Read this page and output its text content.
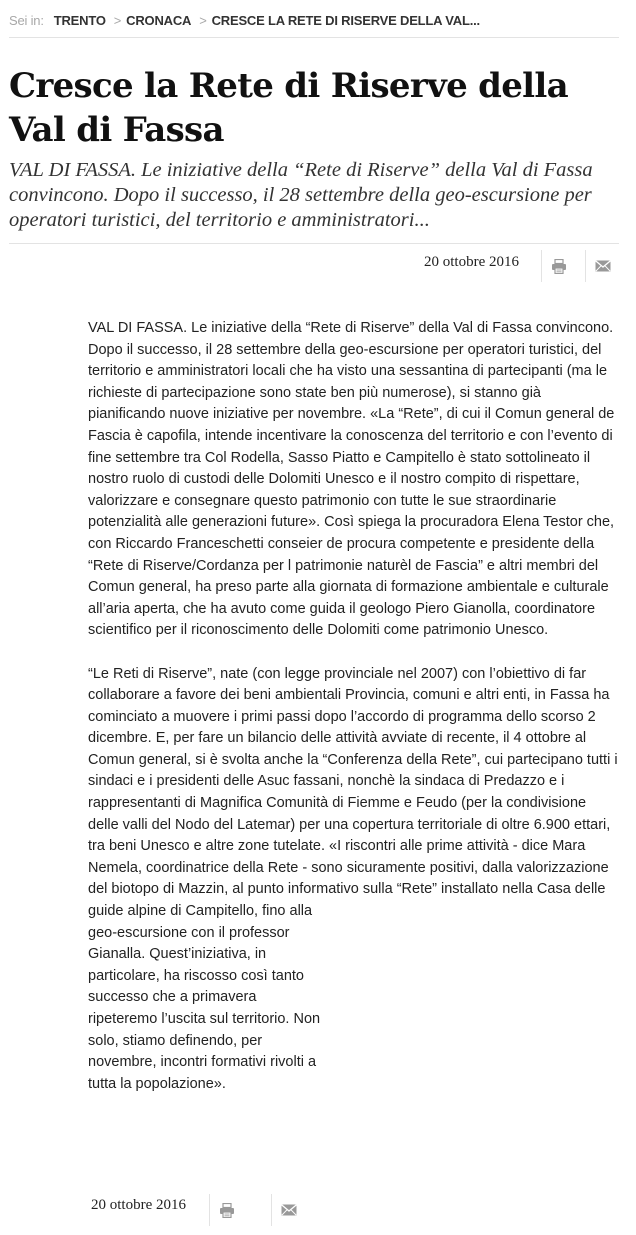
Sei in: TRENTO > CRONACA > CRESCE LA RETE DI RISERVE DELLA VAL...
Cresce la Rete di Riserve della Val di Fassa

VAL DI FASSA. Le iniziative della “Rete di Riserve” della Val di Fassa convincono. Dopo il successo, il 28 settembre della geo-escursione per operatori turistici, del territorio e amministratori...

20 ottobre 2016

VAL DI FASSA. Le iniziative della “Rete di Riserve” della Val di Fassa convincono. Dopo il successo, il 28 settembre della geo-escursione per operatori turistici, del territorio e amministratori locali che ha visto una sessantina di partecipanti (ma le richieste di partecipazione sono state ben più numerose), si stanno già pianificando nuove iniziative per novembre. «La “Rete”, di cui il Comun general de Fascia è capofila, intende incentivare la conoscenza del territorio e con l’evento di fine settembre tra Col Rodella, Sasso Piatto e Campitello è stato sottolineato il nostro ruolo di custodi delle Dolomiti Unesco e il nostro compito di rispettare, valorizzare e consegnare questo patrimonio con tutte le sue straordinarie potenzialità alle generazioni future». Così spiega la procuradora Elena Testor che, con Riccardo Franceschetti conseier de procura competente e presidente della “Rete di Riserve/Cordanza per l patrimonie naturèl de Fascia” e altri membri del Comun general, ha preso parte alla giornata di formazione ambientale e culturale all’aria aperta, che ha avuto come guida il geologo Piero Gianolla, coordinatore scientifico per il riconoscimento delle Dolomiti come patrimonio Unesco.

“Le Reti di Riserve”, nate (con legge provinciale nel 2007) con l’obiettivo di far collaborare a favore dei beni ambientali Provincia, comuni e altri enti, in Fassa ha cominciato a muovere i primi passi dopo l’accordo di programma dello scorso 2 dicembre. E, per fare un bilancio delle attività avviate di recente, il 4 ottobre al Comun general, si è svolta anche la “Conferenza della Rete”, cui partecipano tutti i sindaci e i presidenti delle Asuc fassani, nonchè la sindaca di Predazzo e i rappresentanti di Magnifica Comunità di Fiemme e Feudo (per la condivisione delle valli del Nodo del Latemar) per una copertura territoriale di oltre 6.900 ettari, tra beni Unesco e altre zone tutelate. «I riscontri alle prime attività - dice Mara Nemela, coordinatrice della Rete - sono sicuramente positivi, dalla valorizzazione del biotopo di Mazzin, al punto informativo sulla “Rete” installato nella Casa delle

guide alpine di Campitello, fino alla geo-escursione con il professor Gianalla. Quest’iniziativa, in particolare, ha riscosso così tanto successo che a primavera ripeteremo l’uscita sul territorio. Non solo, stiamo definendo, per novembre, incontri formativi rivolti a tutta la popolazione».

20 ottobre 2016
